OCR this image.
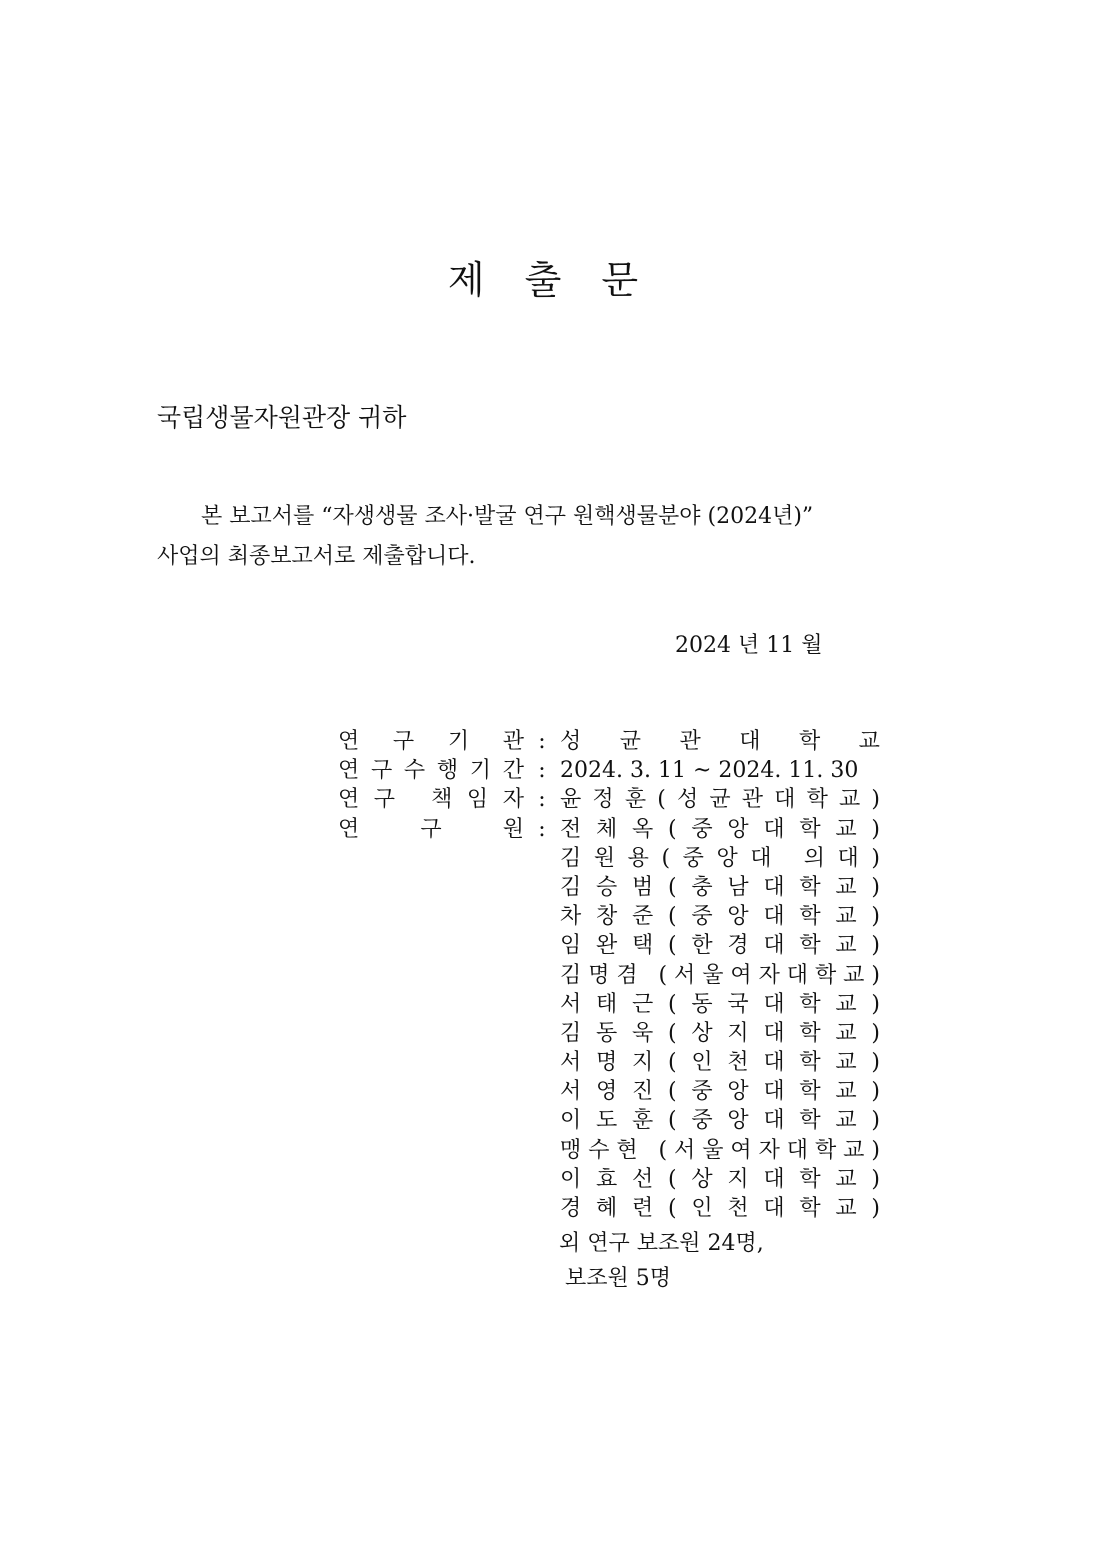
제 출 문
국립생물자원관장 귀하
본 보고서를 “자생생물 조사·발굴 연구 원핵생물분야 (2024년)”
사업의 최종보고서로 제출합니다.
2024 년 11 월
연 구 기 관 : 성 균 관 대 학 교
연 구 수 행 기 간 : 2024. 3. 11 ~ 2024. 11. 30
연 구
책 임 자 : 윤 정 훈 ( 성 균 관 대 학 교 )
연
	구
	원 : 전 체 옥 ( 중 앙 대 학 교 )
김 원 용 ( 중 앙 대
의 대 )
김 승 범 ( 충 남 대 학 교 )
차 창 준 ( 중 앙 대 학 교 )
임 완 택 ( 한 경 대 학 교 )
김 명 겸
( 서 울 여 자 대 학 교 )
서 태 근 ( 동 국 대 학 교 )
김 동 욱 ( 상 지 대 학 교 )
서 명 지 ( 인 천 대 학 교 )
서 영 진 ( 중 앙 대 학 교 )
이 도 훈 ( 중 앙 대 학 교 )
맹 수 현
( 서 울 여 자 대 학 교 )
이 효 선 ( 상 지 대 학 교 )
경 혜 련 ( 인 천 대 학 교 )
외 연구 보조원 24명,
보조원 5명
